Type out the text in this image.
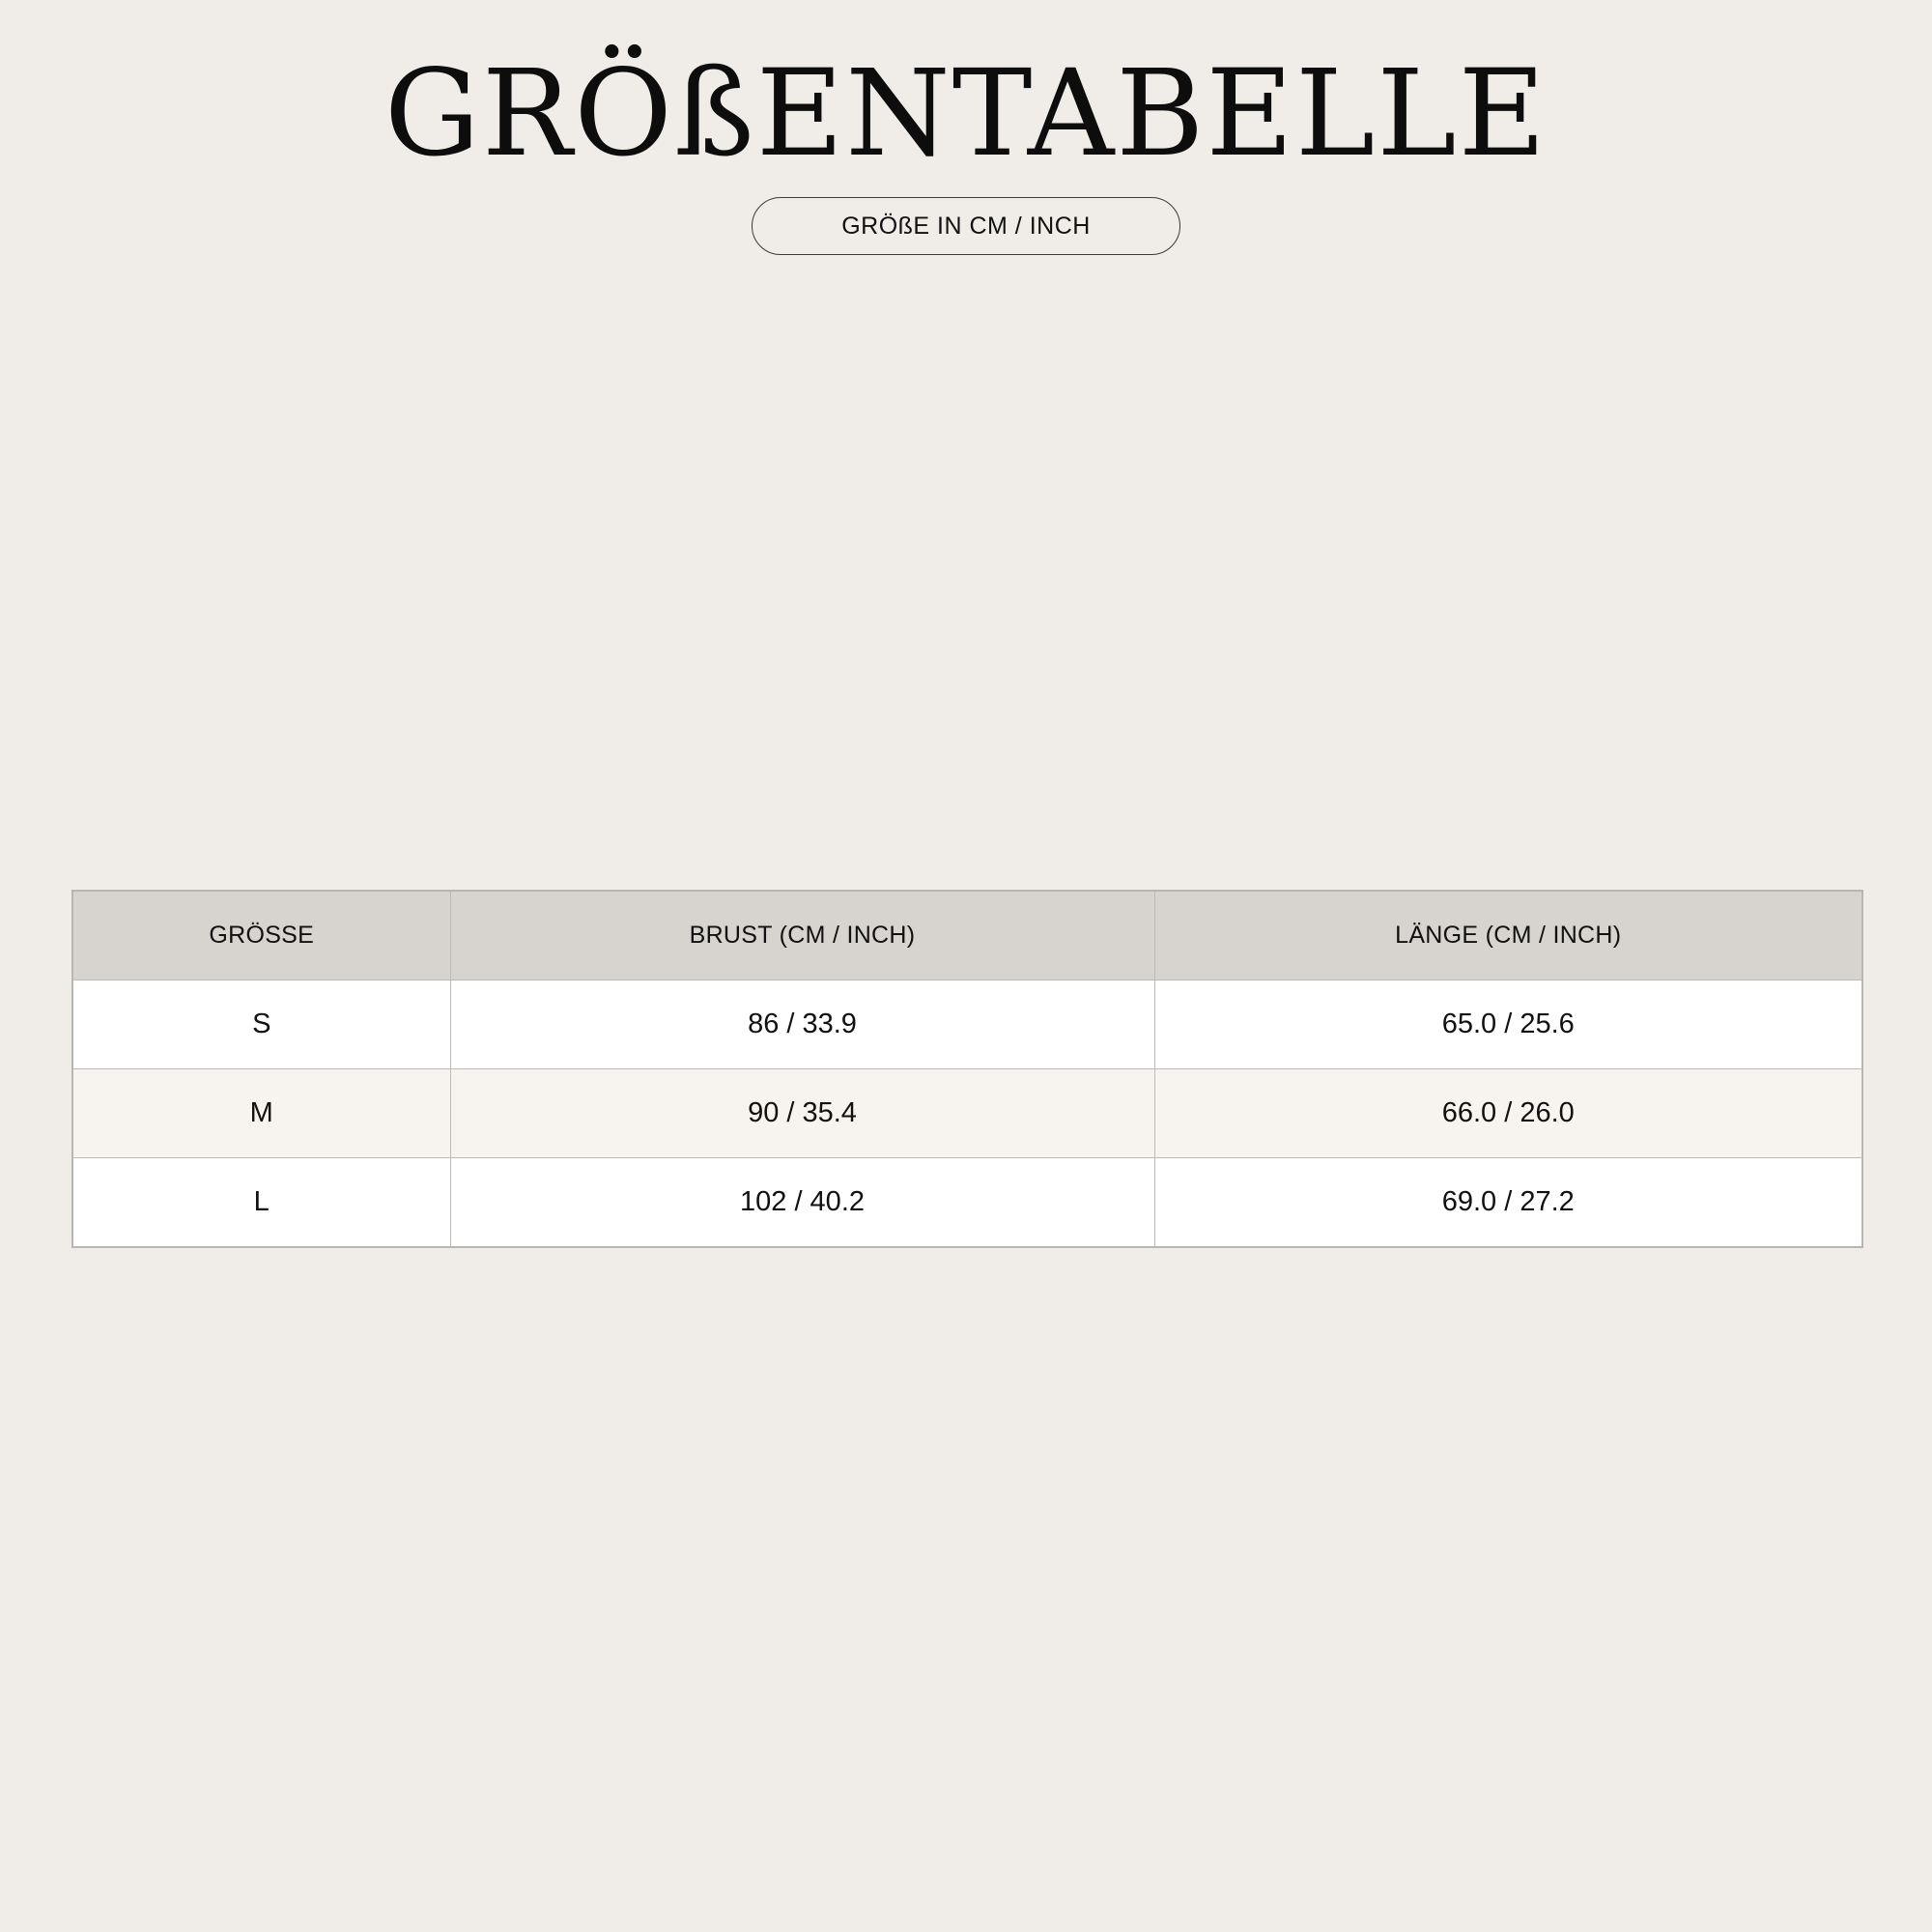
GRÖßENTABELLE
GRÖßE IN CM / INCH
GRÖSSE	BRUST (CM / INCH)	LÄNGE (CM / INCH)
S	86 / 33.9	65.0 / 25.6
M	90 / 35.4	66.0 / 26.0
L	102 / 40.2	69.0 / 27.2
